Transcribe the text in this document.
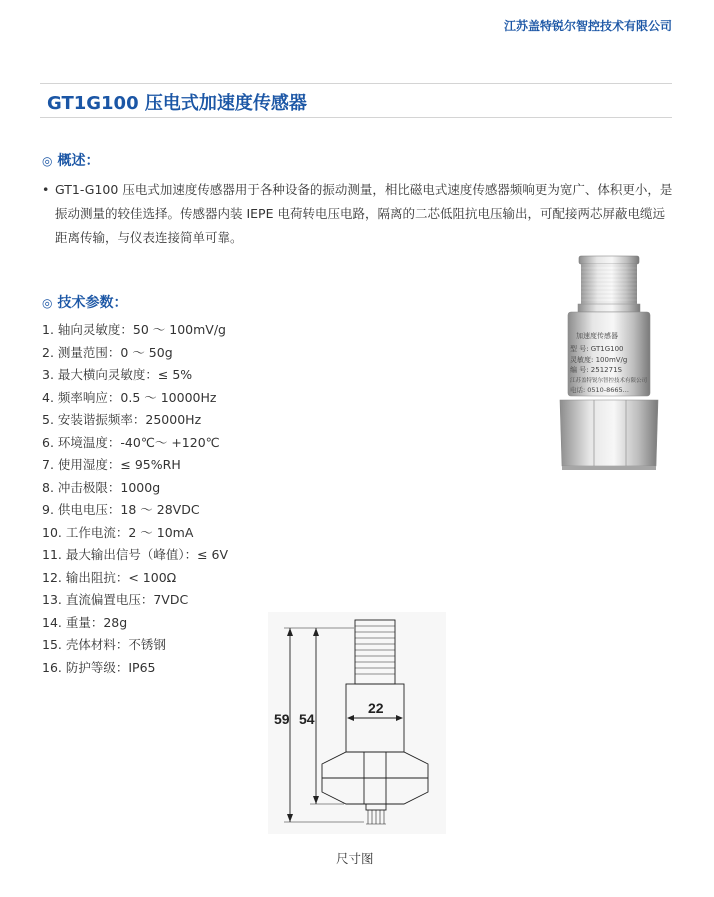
江苏盖特锐尔智控技术有限公司
GT1G100 压电式加速度传感器
◎ 概述：
• GT1-G100 压电式加速度传感器用于各种设备的振动测量，相比磁电式速度传感器频响更为宽广、体积更小，是振动测量的较佳选择。传感器内装 IEPE 电荷转电压电路，隔离的二芯低阻抗电压输出，可配接两芯屏蔽电缆远距离传输，与仪表连接简单可靠。
◎ 技术参数：
1. 轴向灵敏度：50 ～ 100mV/g
2. 测量范围：0 ～ 50g
3. 最大横向灵敏度：≤ 5%
4. 频率响应：0.5 ～ 10000Hz
5. 安装谐振频率：25000Hz
6. 环境温度：-40℃～ +120℃
7. 使用湿度：≤ 95%RH
8. 冲击极限：1000g
9. 供电电压：18 ～ 28VDC
10. 工作电流：2 ～ 10mA
11. 最大输出信号（峰值）：≤ 6V
12. 输出阻抗：< 100Ω
13. 直流偏置电压：7VDC
14. 重量：28g
15. 壳体材料：不锈钢
16. 防护等级：IP65
加速度传感器
型 号: GT1G100
灵敏度: 100mV/g
编 号: 251271S
江苏盖特锐尔智控技术有限公司
电话: 0510-8665...
59 54
22
尺寸图
